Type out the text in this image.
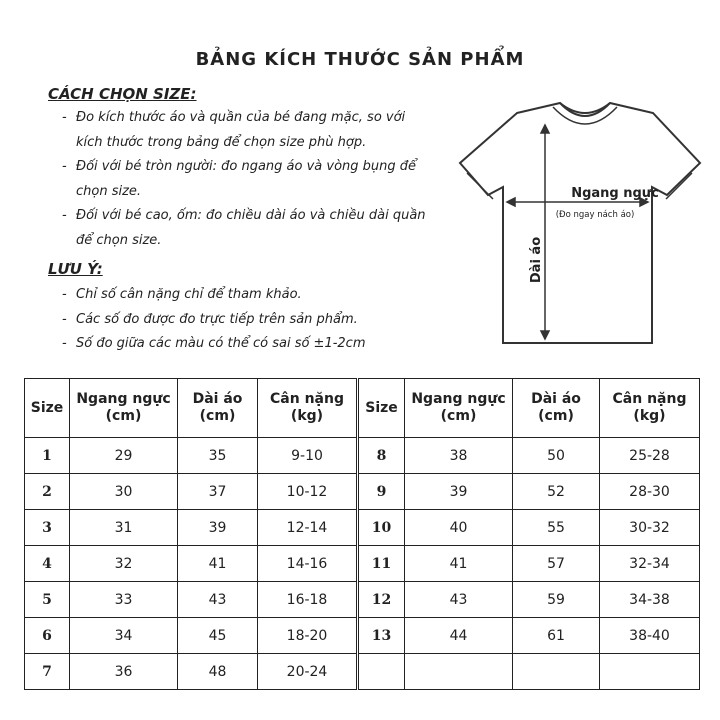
BẢNG KÍCH THƯỚC SẢN PHẨM
CÁCH CHỌN SIZE:
- Đo kích thước áo và quần của bé đang mặc, so với kích thước trong bảng để chọn size phù hợp.
- Đối với bé tròn người: đo ngang áo và vòng bụng để chọn size.
- Đối với bé cao, ốm: đo chiều dài áo và chiều dài quần để chọn size.
LƯU Ý:
- Chỉ số cân nặng chỉ để tham khảo.
- Các số đo được đo trực tiếp trên sản phẩm.
- Số đo giữa các màu có thể có sai số ±1-2cm
Ngang ngực
(Đo ngay nách áo)
Dài áo
Size	Ngang ngực (cm)	Dài áo (cm)	Cân nặng (kg)	Size	Ngang ngực (cm)	Dài áo (cm)	Cân nặng (kg)
1	29	35	9-10	8	38	50	25-28
2	30	37	10-12	9	39	52	28-30
3	31	39	12-14	10	40	55	30-32
4	32	41	14-16	11	41	57	32-34
5	33	43	16-18	12	43	59	34-38
6	34	45	18-20	13	44	61	38-40
7	36	48	20-24				
